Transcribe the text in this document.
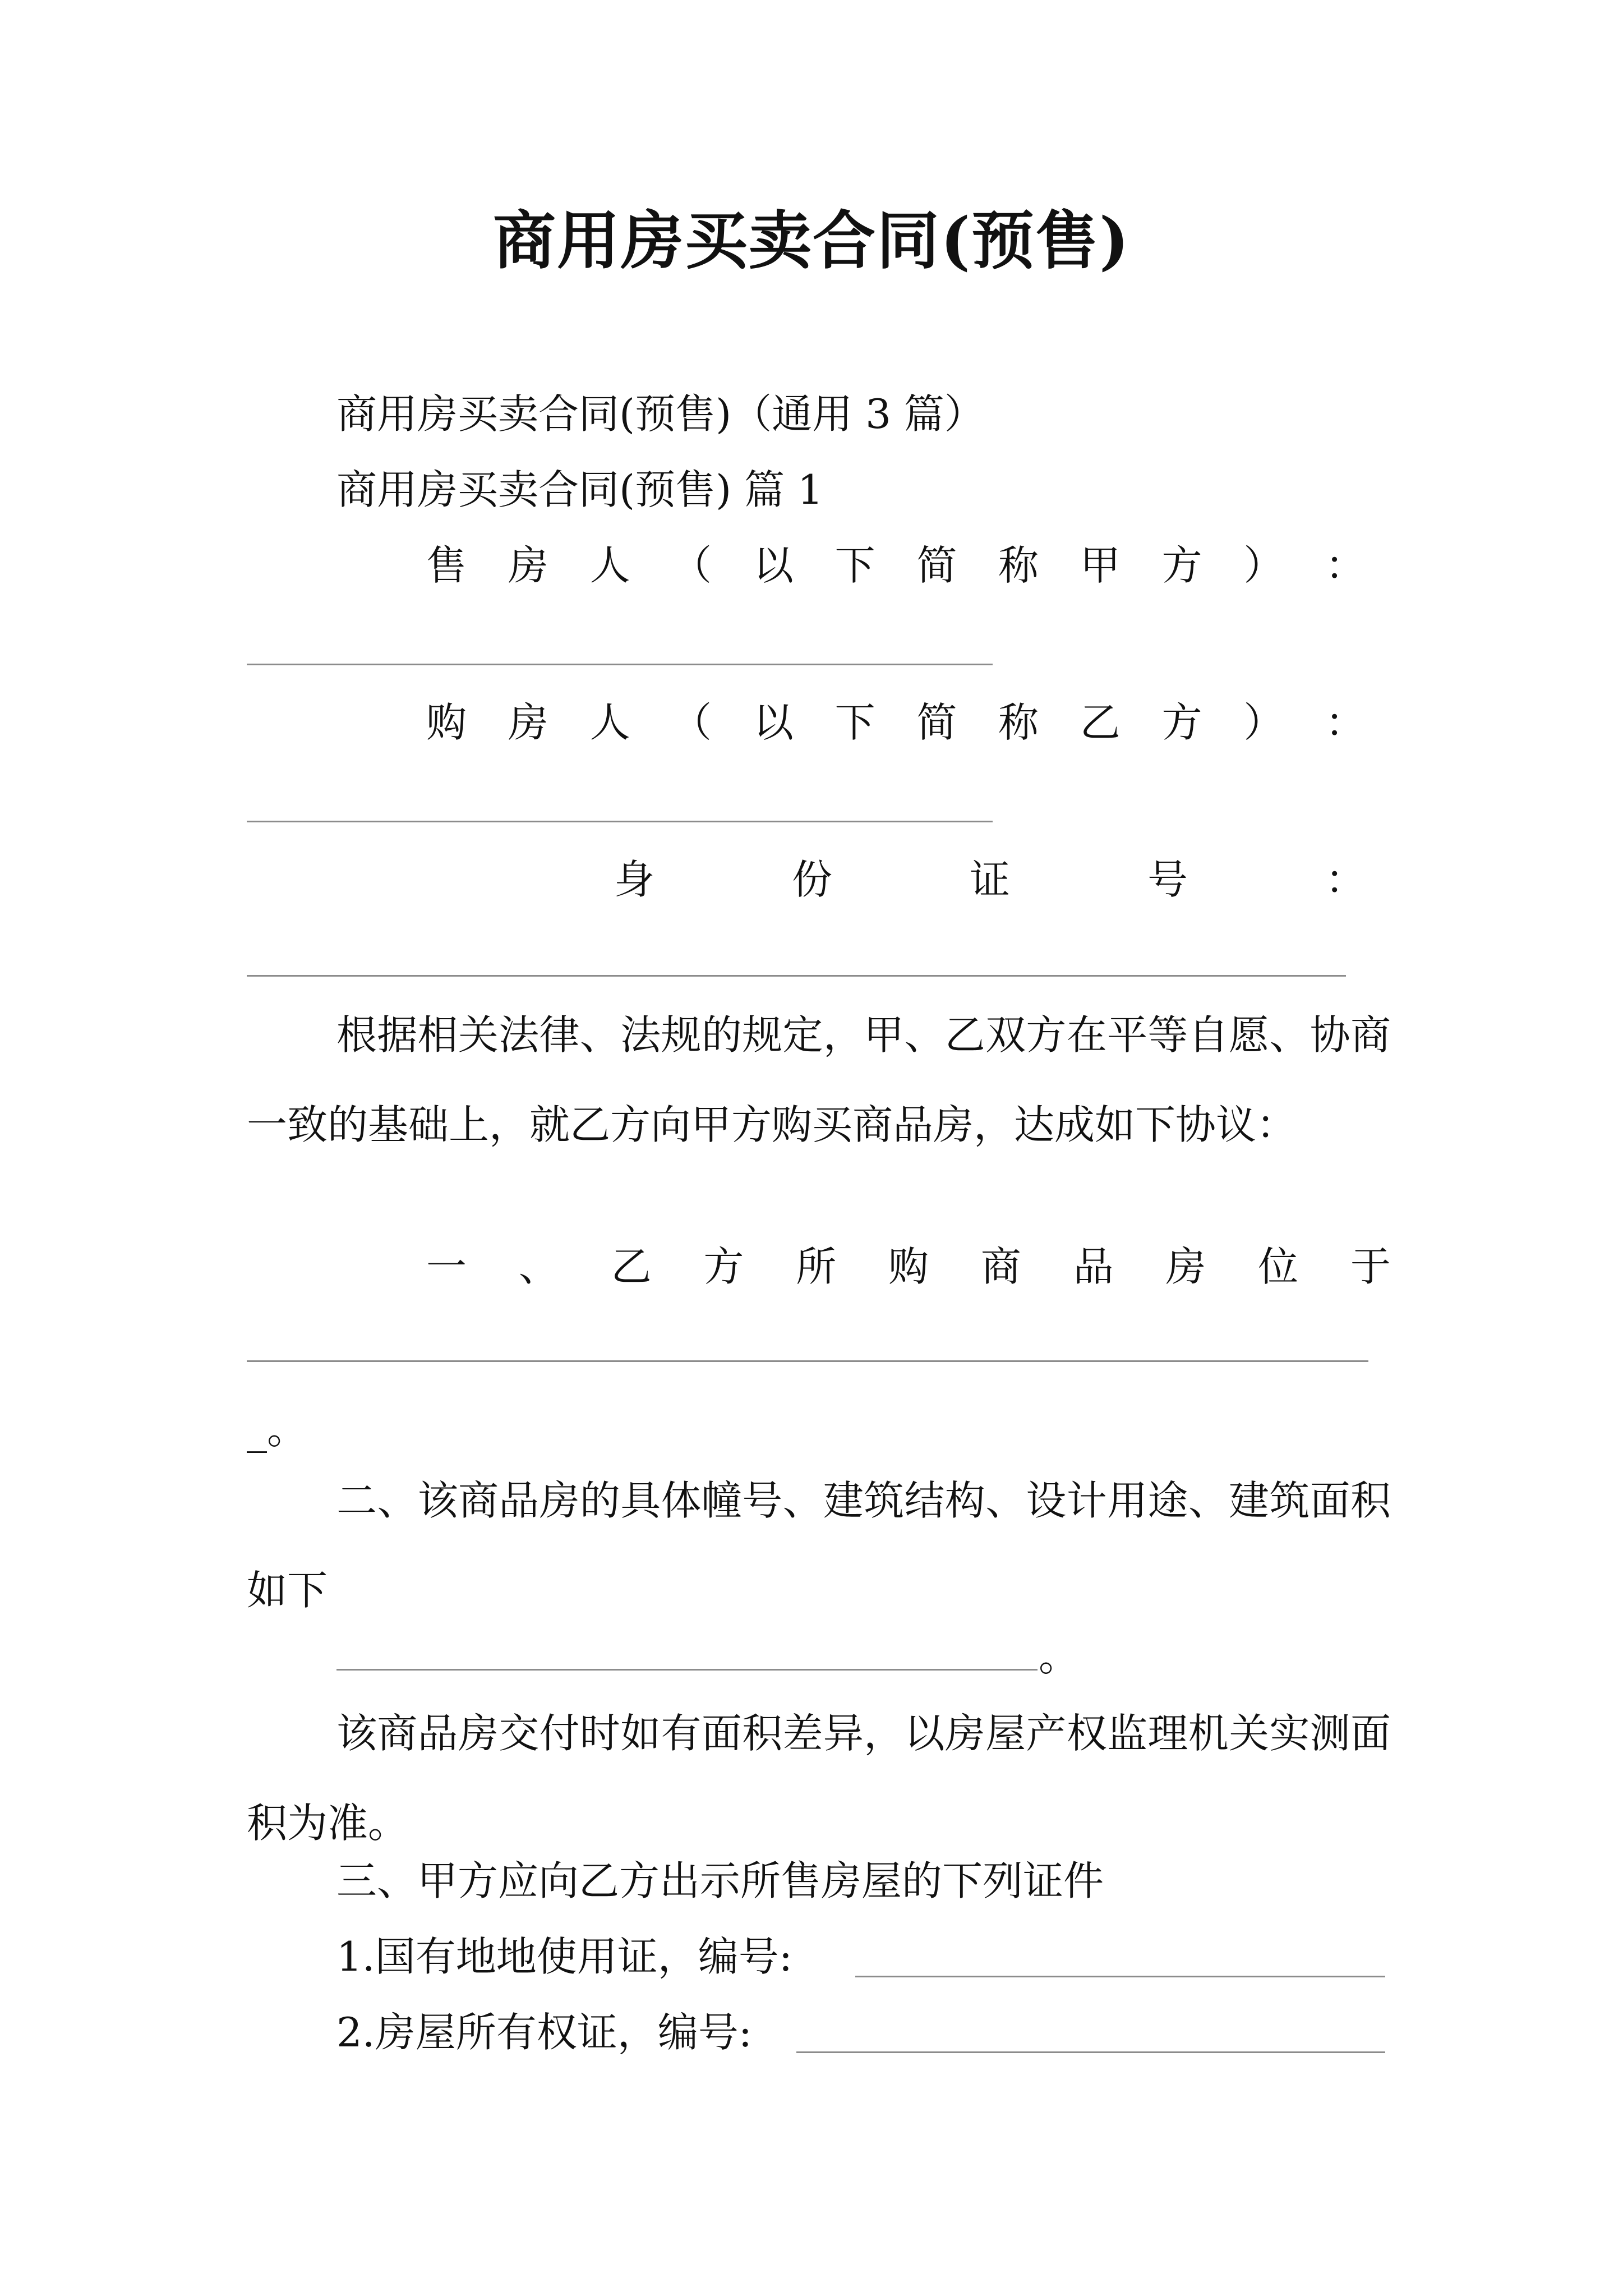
商用房买卖合同(预售)
商用房买卖合同(预售)（通用 3 篇）
商用房买卖合同(预售) 篇 1
售 房 人 （ 以 下 简 称 甲 方 ） ：
购 房 人 （ 以 下 简 称 乙 方 ） ：
身	份	证	号	：
根据相关法律、法规的规定，甲、乙双方在平等自愿、协商一致的基础上，就乙方向甲方购买商品房，达成如下协议：
一 、 乙 方 所 购 商 品 房 位 于
_。
二、该商品房的具体幢号、建筑结构、设计用途、建筑面积如下
。
该商品房交付时如有面积差异，以房屋产权监理机关实测面积为准。
三、甲方应向乙方出示所售房屋的下列证件
1.国有地地使用证，编号:
2.房屋所有权证，编号:
